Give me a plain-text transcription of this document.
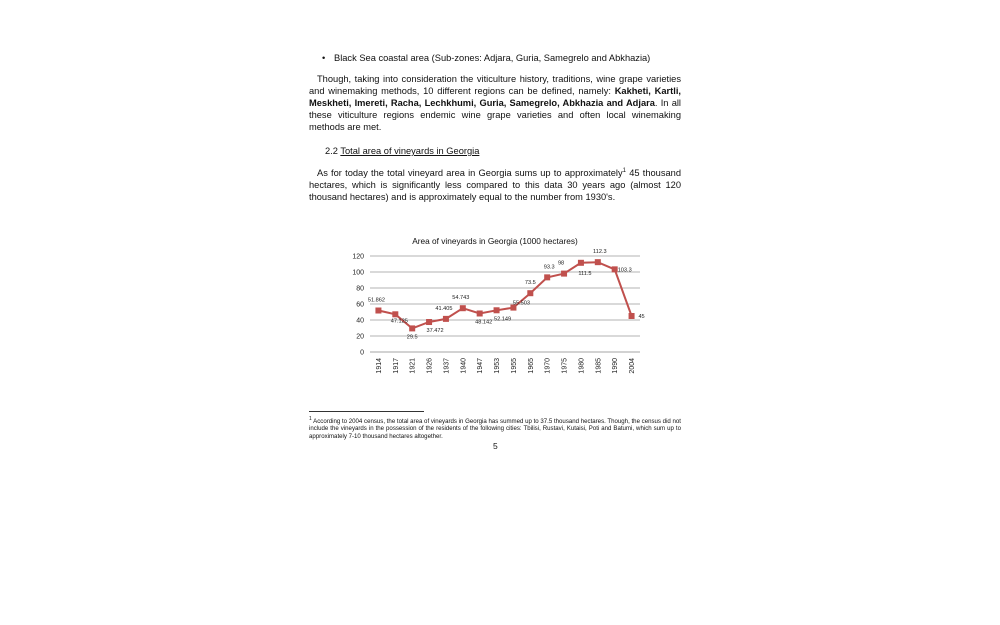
• Black Sea coastal area (Sub-zones: Adjara, Guria, Samegrelo and Abkhazia)

Though, taking into consideration the viticulture history, traditions, wine grape varieties and winemaking methods, 10 different regions can be defined, namely: Kakheti, Kartli, Meskheti, Imereti, Racha, Lechkhumi, Guria, Samegrelo, Abkhazia and Adjara. In all these viticulture regions endemic wine grape varieties and often local winemaking methods are met.

2.2 Total area of vineyards in Georgia

As for today the total vineyard area in Georgia sums up to approximately$^1$ 45 thousand hectares, which is significantly less compared to this data 30 years ago (almost 120 thousand hectares) and is approximately equal to the number from 1930's.

Area of vineyards in Georgia (1000 hectares)
0
20
40
60
80
100
120
1914 1917 1921 1926 1937 1940 1947 1953 1955 1965 1970 1975 1980 1985 1990 2004
51.862
47.125
29.5
37.472
41.405
54.743
48.142
52.149
55.503
73.5
93.3
98
111.5
112.3
103.3
45

$^1$ According to 2004 census, the total area of vineyards in Georgia has summed up to 37.5 thousand hectares. Though, the census did not include the vineyards in the possession of the residents of the following cities: Tbilisi, Rustavi, Kutaisi, Poti and Batumi, which sum up to approximately 7-10 thousand hectares altogether.

5
